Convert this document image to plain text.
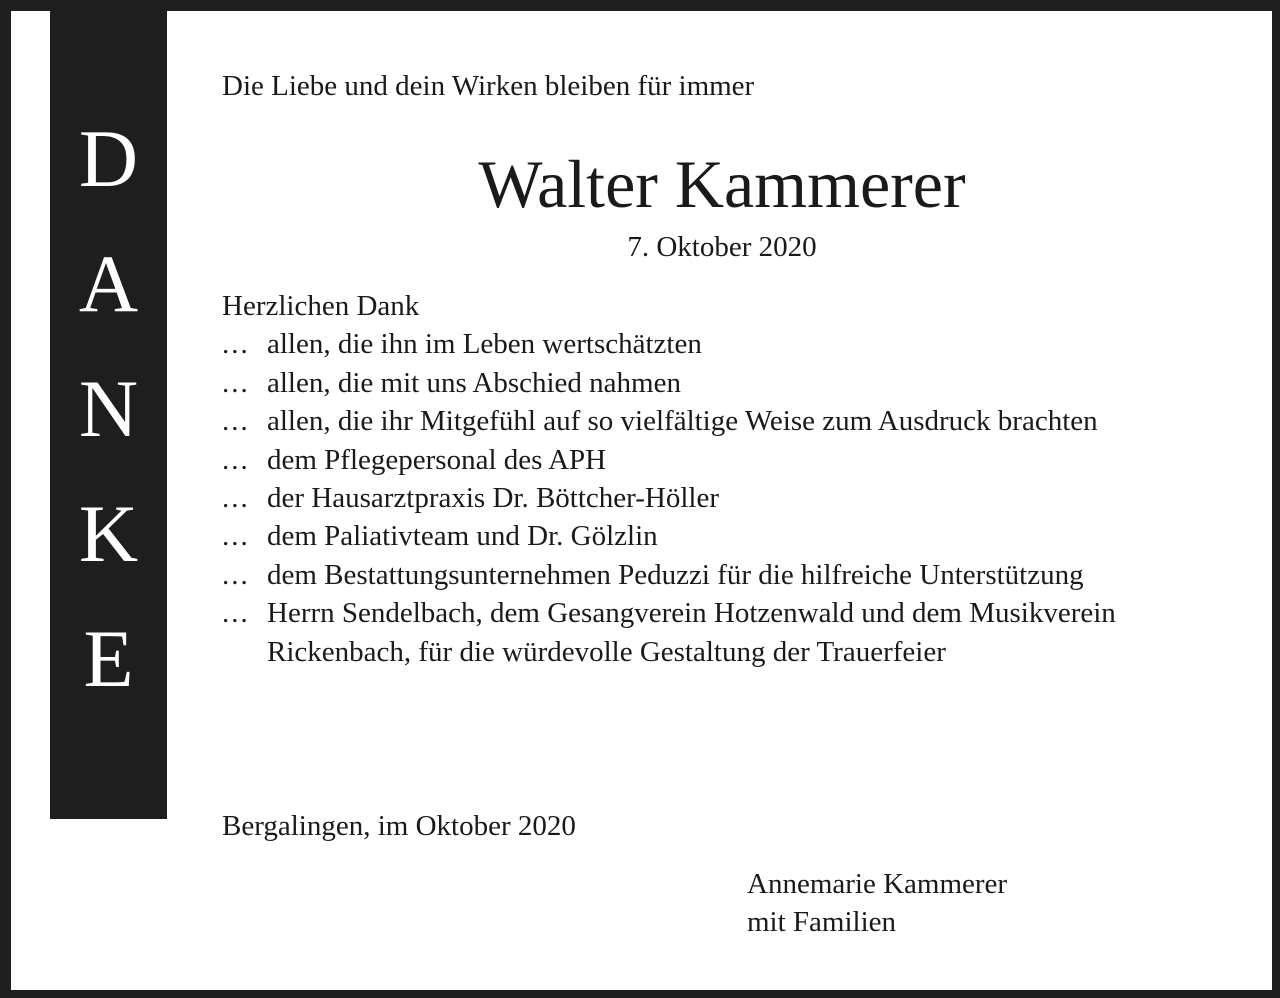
D
A
N
K
E
Die Liebe und dein Wirken bleiben für immer
Walter Kammerer
7. Oktober 2020
Herzlichen Dank
... allen, die ihn im Leben wertschätzten
... allen, die mit uns Abschied nahmen
... allen, die ihr Mitgefühl auf so vielfältige Weise zum Ausdruck brachten
... dem Pflegepersonal des APH
... der Hausarztpraxis Dr. Böttcher-Höller
... dem Paliativteam und Dr. Gölzlin
... dem Bestattungsunternehmen Peduzzi für die hilfreiche Unterstützung
... Herrn Sendelbach, dem Gesangverein Hotzenwald und dem Musikverein Rickenbach, für die würdevolle Gestaltung der Trauerfeier
Bergalingen, im Oktober 2020
Annemarie Kammerer
mit Familien
